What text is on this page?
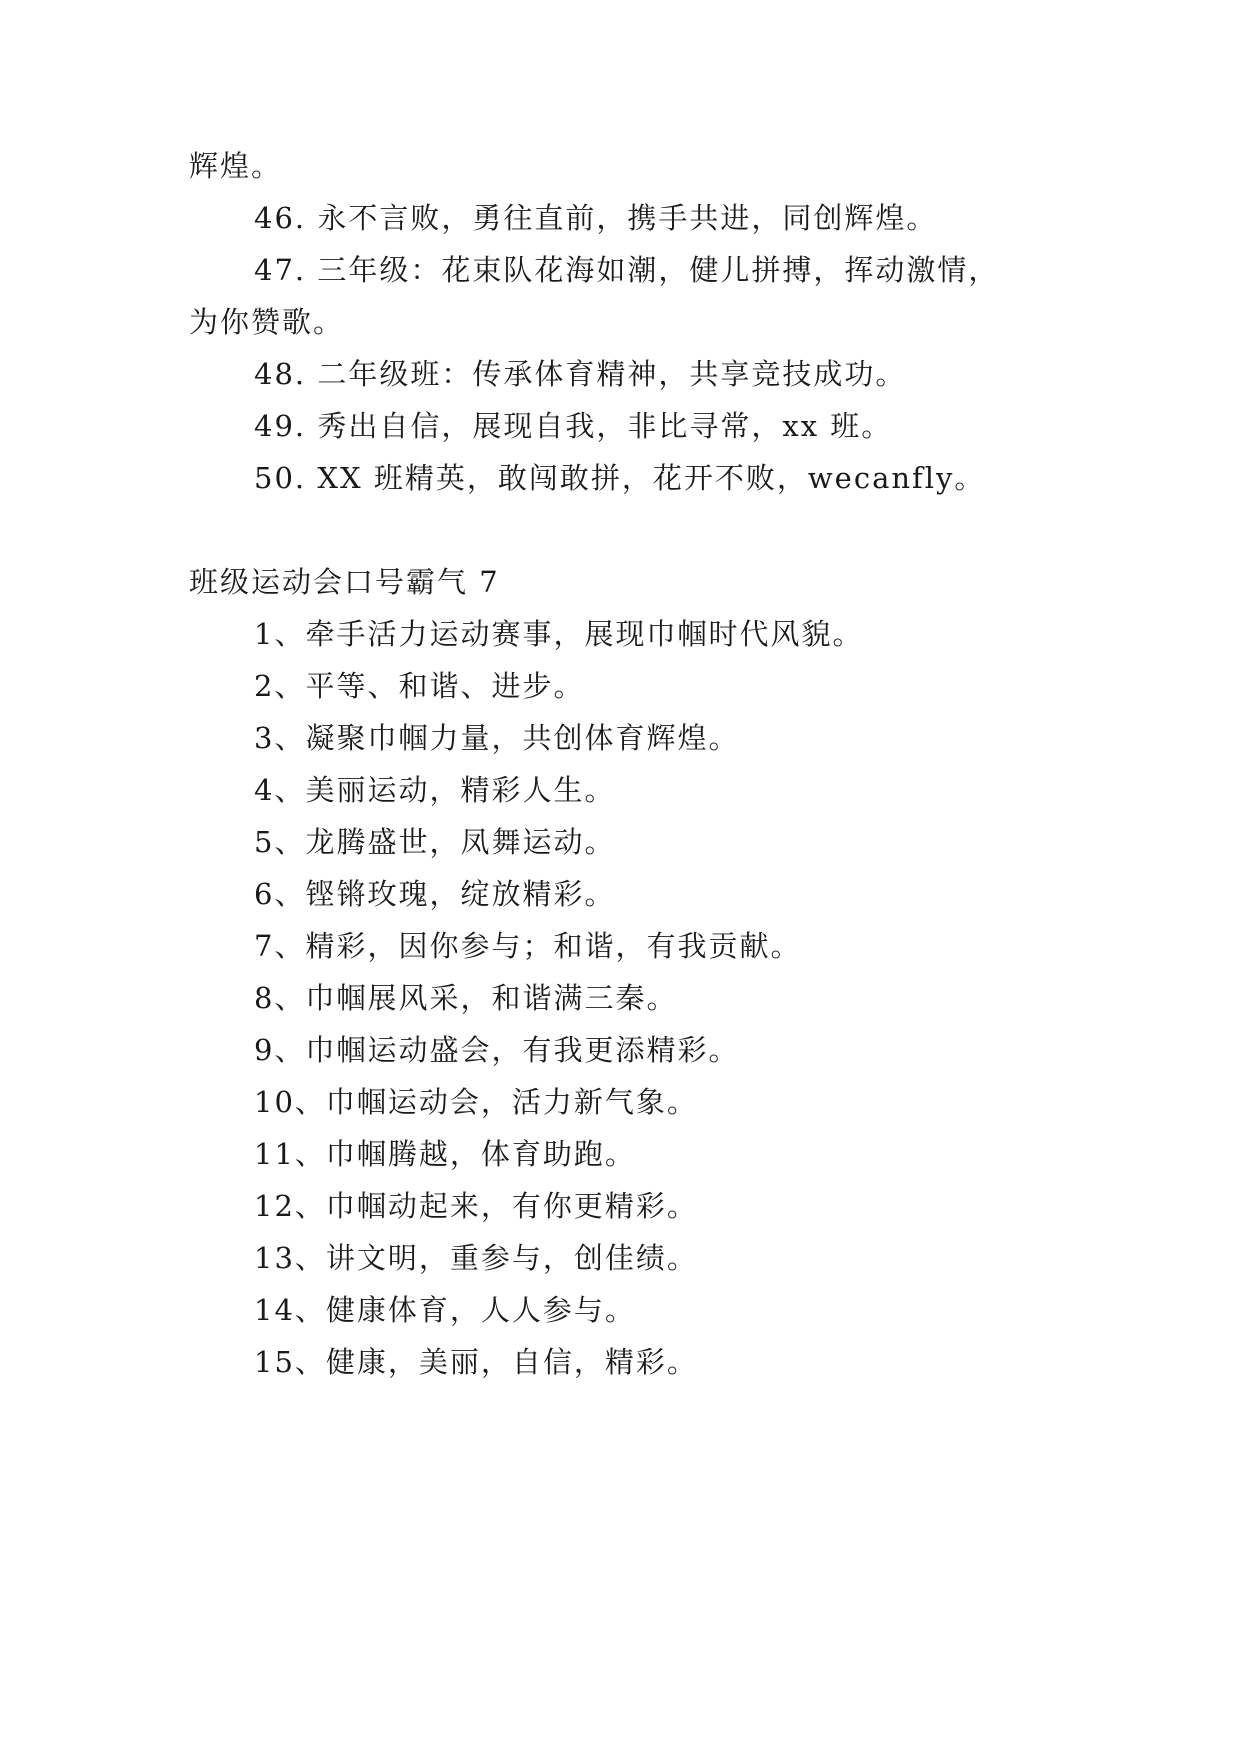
辉煌。
46. 永不言败，勇往直前，携手共进，同创辉煌。
47. 三年级：花束队花海如潮，健儿拼搏，挥动激情，
为你赞歌。
48. 二年级班：传承体育精神，共享竞技成功。
49. 秀出自信，展现自我，非比寻常，xx 班。
50. XX 班精英，敢闯敢拼，花开不败，wecanfly。
班级运动会口号霸气 7
1、牵手活力运动赛事，展现巾帼时代风貌。
2、平等、和谐、进步。
3、凝聚巾帼力量，共创体育辉煌。
4、美丽运动，精彩人生。
5、龙腾盛世，凤舞运动。
6、铿锵玫瑰，绽放精彩。
7、精彩，因你参与；和谐，有我贡献。
8、巾帼展风采，和谐满三秦。
9、巾帼运动盛会，有我更添精彩。
10、巾帼运动会，活力新气象。
11、巾帼腾越，体育助跑。
12、巾帼动起来，有你更精彩。
13、讲文明，重参与，创佳绩。
14、健康体育，人人参与。
15、健康，美丽，自信，精彩。
